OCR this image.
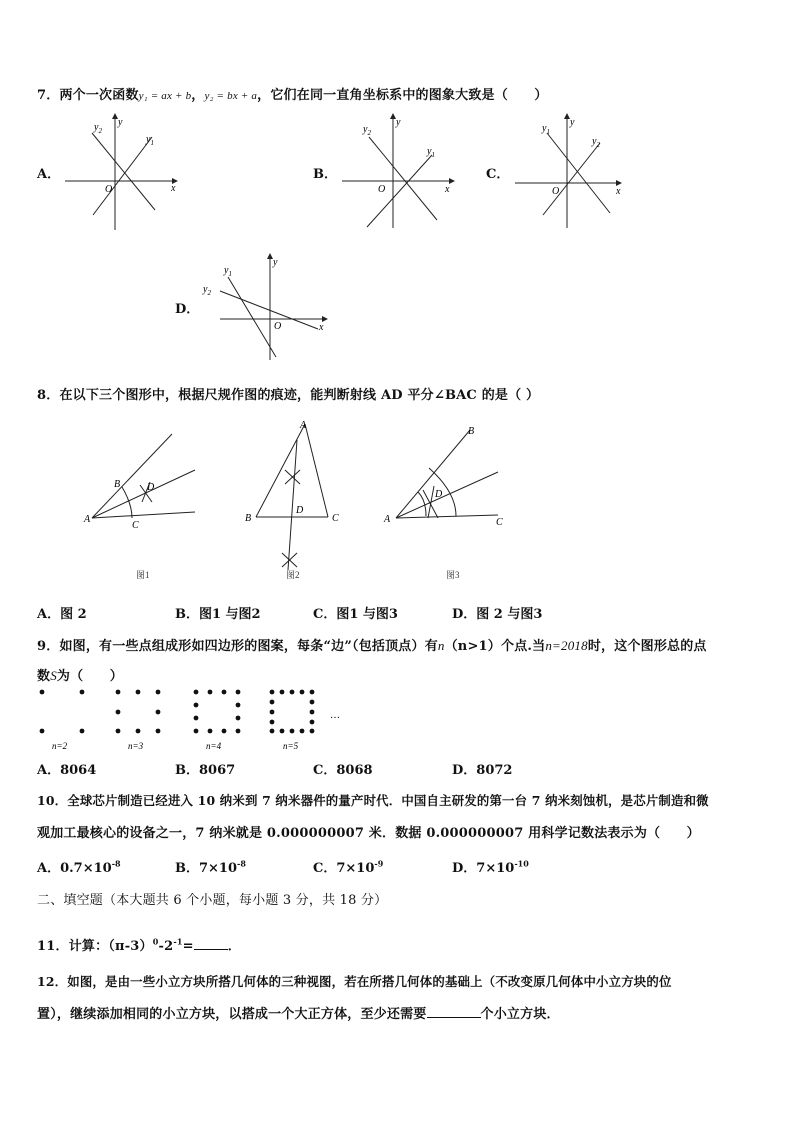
7．两个一次函数y₁ = ax + b，y₂ = bx + a，它们在同一直角坐标系中的图象大致是（　　）
A．	B．	C．
D．
x
y
O
$y_2$
$y_1$
x
y
O
$y_2$
$y_1$
x
y
O
$y_1$
$y_2$
x
y
O
$y_1$
$y_2$
8．在以下三个图形中，根据尺规作图的痕迹，能判断射线 AD 平分∠BAC 的是（ ）
A
B
C
D
图1
A
B	C
D
图2
A
B
C
D
图3
A．图 2	B．图1 与图2	C．图1 与图3	D．图 2 与图3
9．如图，有一些点组成形如四边形的图案，每条“边”（包括顶点）有n（n>1）个点.当n=2018时，这个图形总的点
数S为（　　）
…
n=2	n=3	n=4	n=5
A．8064	B．8067	C．8068	D．8072
10．全球芯片制造已经进入 10 纳米到 7 纳米器件的量产时代．中国自主研发的第一台 7 纳米刻蚀机，是芯片制造和微
观加工最核心的设备之一，7 纳米就是 0.000000007 米．数据 0.000000007 用科学记数法表示为（　　）
A．$0.7\times 10^{-8}$	B．$7\times 10^{-8}$	C．$7\times 10^{-9}$	D．$7\times 10^{-10}$
二、填空题（本大题共 6 个小题，每小题 3 分，共 18 分）
11．计算：$(\pi-3)^0-2^{-1}=$	．
12．如图，是由一些小立方块所搭几何体的三种视图，若在所搭几何体的基础上（不改变原几何体中小立方块的位
置），继续添加相同的小立方块，以搭成一个大正方体，至少还需要	个小立方块．
